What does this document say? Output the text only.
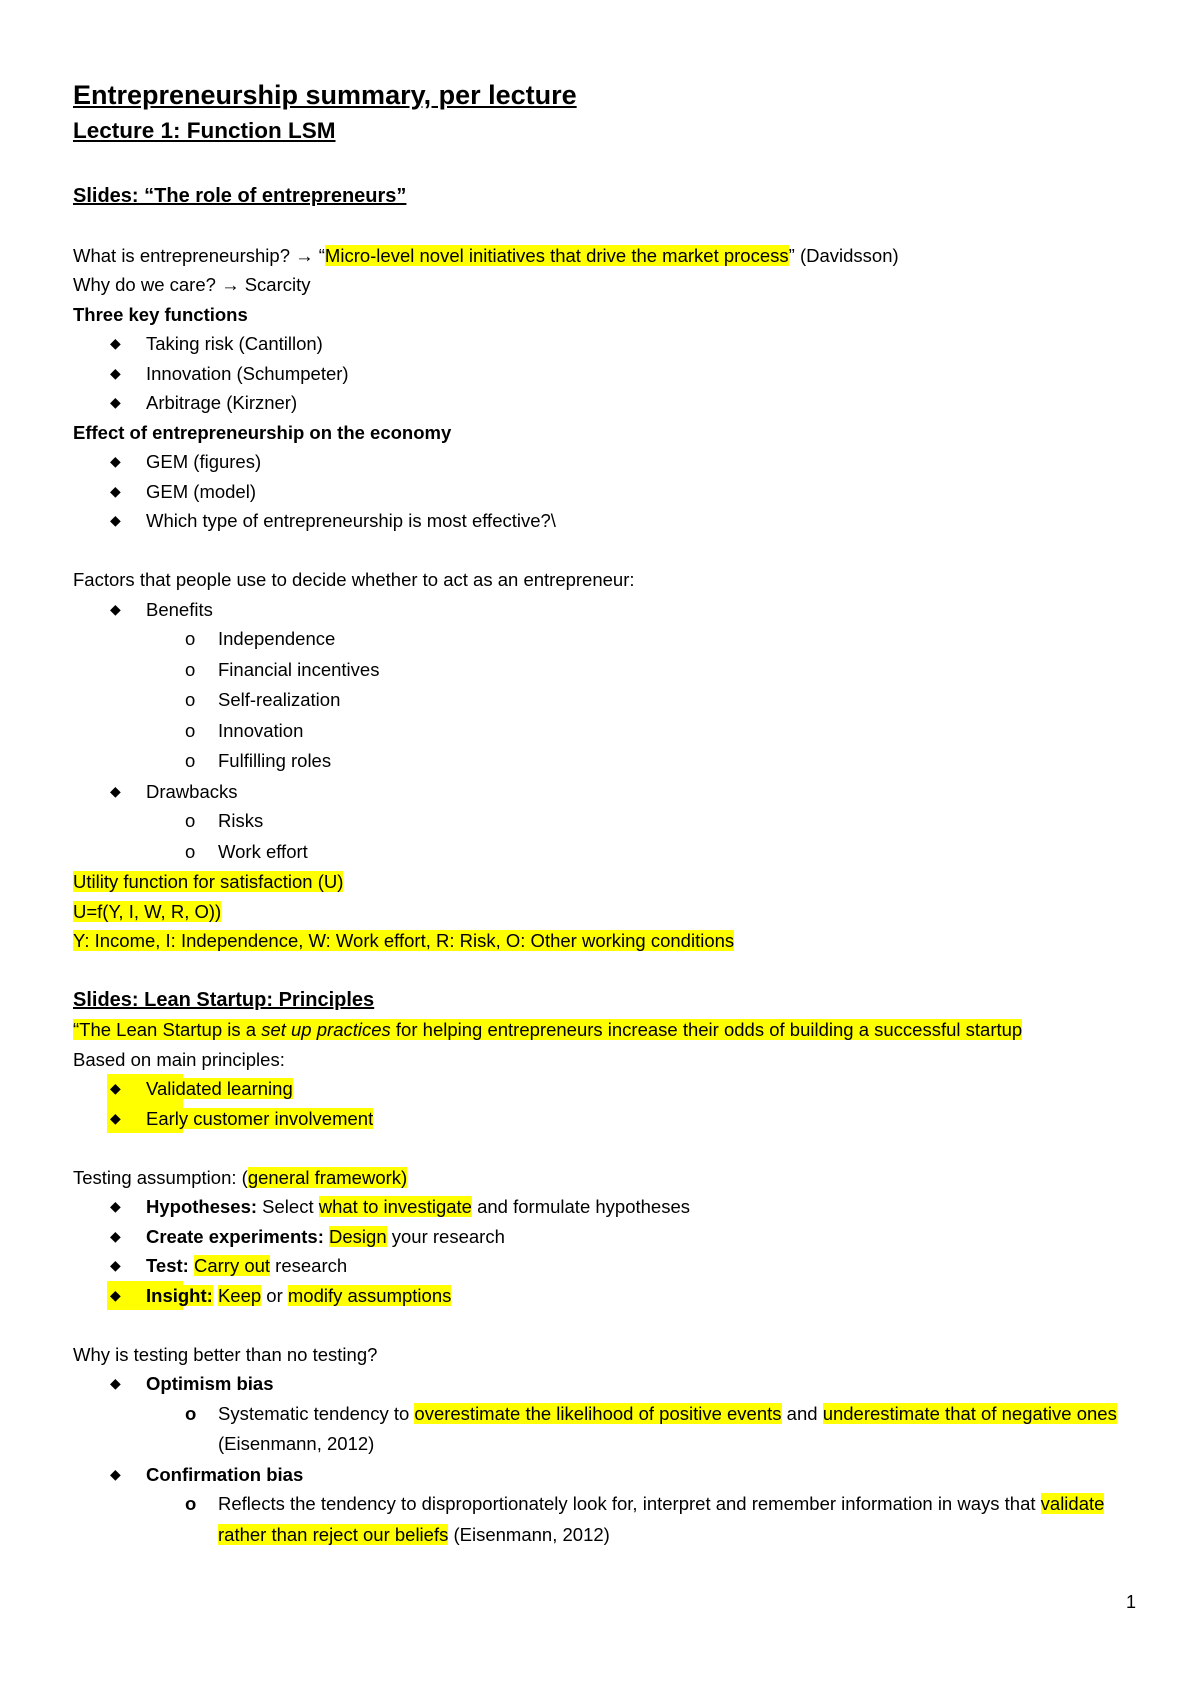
Entrepreneurship summary, per lecture
Lecture 1: Function LSM
Slides: “The role of entrepreneurs”
What is entrepreneurship? → “Micro-level novel initiatives that drive the market process” (Davidsson)
Why do we care? → Scarcity
Three key functions
◆	Taking risk (Cantillon)
◆	Innovation (Schumpeter)
◆	Arbitrage (Kirzner)
Effect of entrepreneurship on the economy
◆	GEM (figures)
◆	GEM (model)
◆	Which type of entrepreneurship is most effective?\
Factors that people use to decide whether to act as an entrepreneur:
◆	Benefits
o Independence
o Financial incentives
o Self-realization
o Innovation
o Fulfilling roles
◆	Drawbacks
o Risks
o Work effort
Utility function for satisfaction (U)
U=f(Y, I, W, R, O))
Y: Income, I: Independence, W: Work effort, R: Risk, O: Other working conditions
Slides: Lean Startup: Principles
“The Lean Startup is a set up practices for helping entrepreneurs increase their odds of building a successful startup
Based on main principles:
◆	Validated learning
◆	Early customer involvement
Testing assumption: (general framework)
◆	Hypotheses: Select what to investigate and formulate hypotheses
◆	Create experiments: Design your research
◆	Test: Carry out research
◆	Insight: Keep or modify assumptions
Why is testing better than no testing?
◆	Optimism bias
o Systematic tendency to overestimate the likelihood of positive events and underestimate that of negative ones (Eisenmann, 2012)
◆	Confirmation bias
o Reflects the tendency to disproportionately look for, interpret and remember information in ways that validate rather than reject our beliefs (Eisenmann, 2012)
1
